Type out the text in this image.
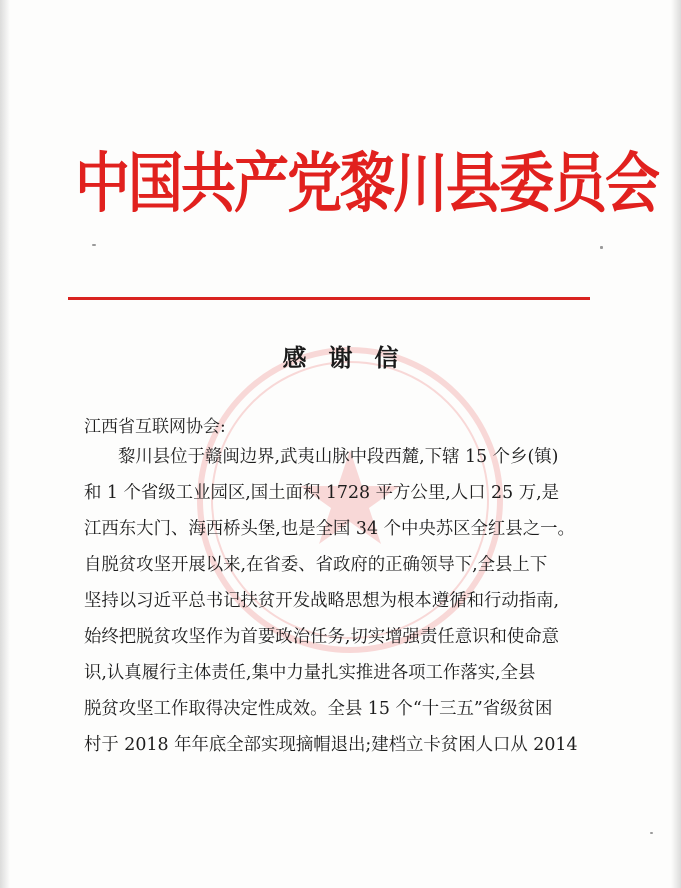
中国共产党黎川县委员会
感谢信
江西省互联网协会:
黎川县位于赣闽边界,武夷山脉中段西麓,下辖 15 个乡(镇)
和 1 个省级工业园区,国土面积 1728 平方公里,人口 25 万,是
江西东大门、海西桥头堡,也是全国 34 个中央苏区全红县之一。
自脱贫攻坚开展以来,在省委、省政府的正确领导下,全县上下
坚持以习近平总书记扶贫开发战略思想为根本遵循和行动指南,
始终把脱贫攻坚作为首要政治任务,切实增强责任意识和使命意
识,认真履行主体责任,集中力量扎实推进各项工作落实,全县
脱贫攻坚工作取得决定性成效。全县 15 个“十三五”省级贫困
村于 2018 年年底全部实现摘帽退出;建档立卡贫困人口从 2014
